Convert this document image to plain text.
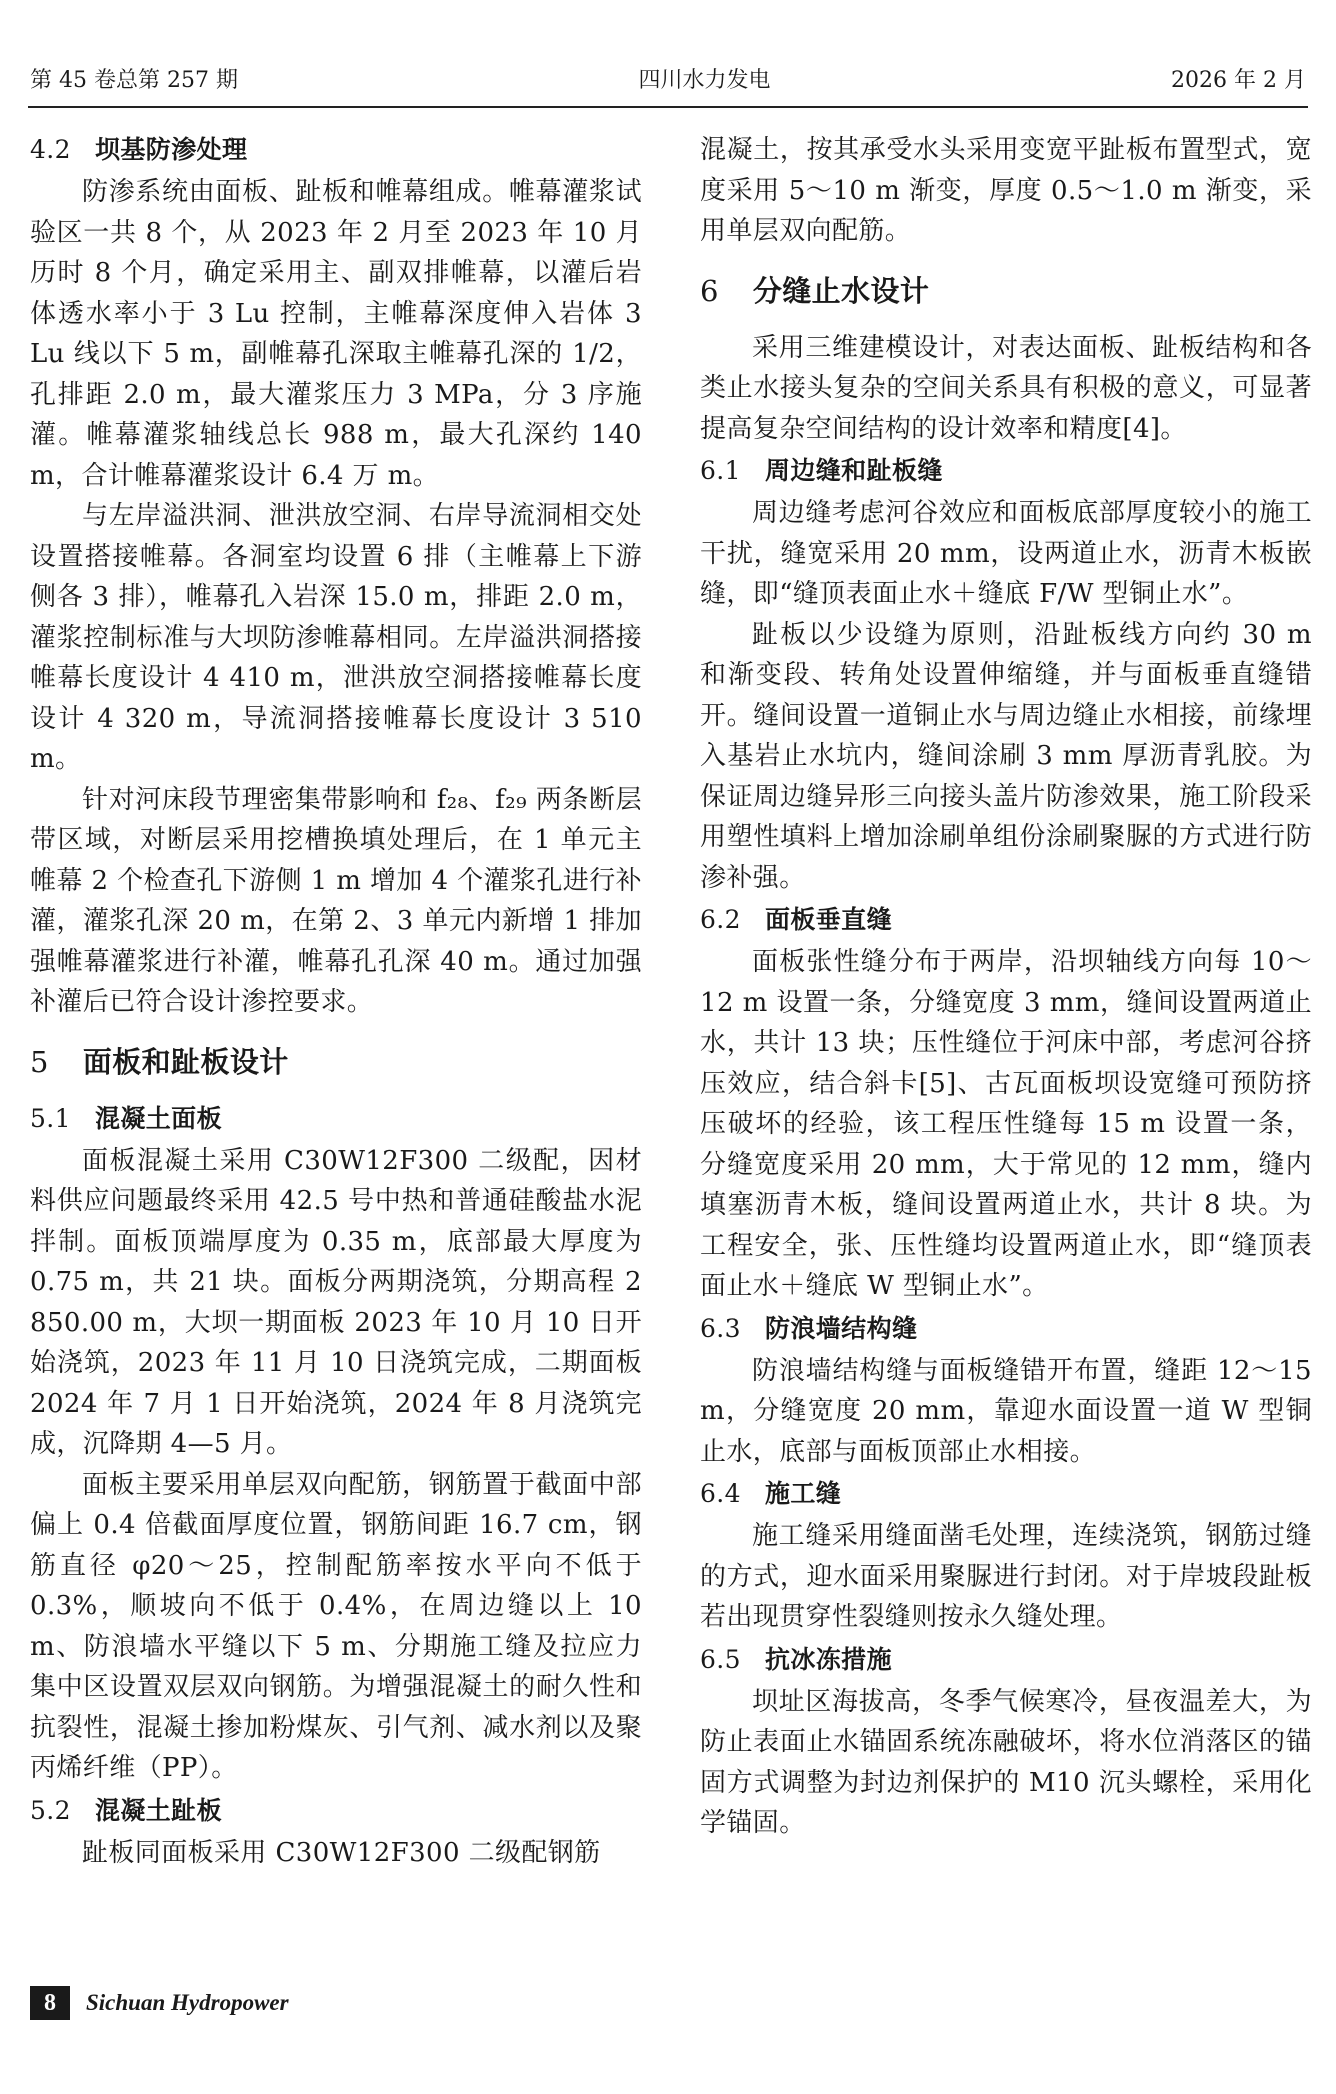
第 45 卷总第 257 期	四川水力发电	2026 年 2 月
4.2 坝基防渗处理

防渗系统由面板、趾板和帷幕组成。帷幕灌浆试验区一共 8 个，从 2023 年 2 月至 2023 年 10 月历时 8 个月，确定采用主、副双排帷幕，以灌后岩体透水率小于 3 Lu 控制，主帷幕深度伸入岩体 3 Lu 线以下 5 m，副帷幕孔深取主帷幕孔深的 1/2，孔排距 2.0 m，最大灌浆压力 3 MPa，分 3 序施灌。帷幕灌浆轴线总长 988 m，最大孔深约 140 m，合计帷幕灌浆设计 6.4 万 m。

与左岸溢洪洞、泄洪放空洞、右岸导流洞相交处设置搭接帷幕。各洞室均设置 6 排（主帷幕上下游侧各 3 排），帷幕孔入岩深 15.0 m，排距 2.0 m，灌浆控制标准与大坝防渗帷幕相同。左岸溢洪洞搭接帷幕长度设计 4 410 m，泄洪放空洞搭接帷幕长度设计 4 320 m，导流洞搭接帷幕长度设计 3 510 m。

针对河床段节理密集带影响和 f₂₈、f₂₉ 两条断层带区域，对断层采用挖槽换填处理后，在 1 单元主帷幕 2 个检查孔下游侧 1 m 增加 4 个灌浆孔进行补灌，灌浆孔深 20 m，在第 2、3 单元内新增 1 排加强帷幕灌浆进行补灌，帷幕孔孔深 40 m。通过加强补灌后已符合设计渗控要求。

5 面板和趾板设计
5.1 混凝土面板

面板混凝土采用 C30W12F300 二级配，因材料供应问题最终采用 42.5 号中热和普通硅酸盐水泥拌制。面板顶端厚度为 0.35 m，底部最大厚度为 0.75 m，共 21 块。面板分两期浇筑，分期高程 2 850.00 m，大坝一期面板 2023 年 10 月 10 日开始浇筑，2023 年 11 月 10 日浇筑完成，二期面板 2024 年 7 月 1 日开始浇筑，2024 年 8 月浇筑完成，沉降期 4—5 月。

面板主要采用单层双向配筋，钢筋置于截面中部偏上 0.4 倍截面厚度位置，钢筋间距 16.7 cm，钢筋直径 φ20～25，控制配筋率按水平向不低于 0.3%，顺坡向不低于 0.4%，在周边缝以上 10 m、防浪墙水平缝以下 5 m、分期施工缝及拉应力集中区设置双层双向钢筋。为增强混凝土的耐久性和抗裂性，混凝土掺加粉煤灰、引气剂、减水剂以及聚丙烯纤维（PP）。

5.2 混凝土趾板

趾板同面板采用 C30W12F300 二级配钢筋

混凝土，按其承受水头采用变宽平趾板布置型式，宽度采用 5～10 m 渐变，厚度 0.5～1.0 m 渐变，采用单层双向配筋。

6 分缝止水设计

采用三维建模设计，对表达面板、趾板结构和各类止水接头复杂的空间关系具有积极的意义，可显著提高复杂空间结构的设计效率和精度[4]。

6.1 周边缝和趾板缝

周边缝考虑河谷效应和面板底部厚度较小的施工干扰，缝宽采用 20 mm，设两道止水，沥青木板嵌缝，即“缝顶表面止水＋缝底 F/W 型铜止水”。

趾板以少设缝为原则，沿趾板线方向约 30 m 和渐变段、转角处设置伸缩缝，并与面板垂直缝错开。缝间设置一道铜止水与周边缝止水相接，前缘埋入基岩止水坑内，缝间涂刷 3 mm 厚沥青乳胶。为保证周边缝异形三向接头盖片防渗效果，施工阶段采用塑性填料上增加涂刷单组份涂刷聚脲的方式进行防渗补强。

6.2 面板垂直缝

面板张性缝分布于两岸，沿坝轴线方向每 10～12 m 设置一条，分缝宽度 3 mm，缝间设置两道止水，共计 13 块；压性缝位于河床中部，考虑河谷挤压效应，结合斜卡[5]、古瓦面板坝设宽缝可预防挤压破坏的经验，该工程压性缝每 15 m 设置一条，分缝宽度采用 20 mm，大于常见的 12 mm，缝内填塞沥青木板，缝间设置两道止水，共计 8 块。为工程安全，张、压性缝均设置两道止水，即“缝顶表面止水＋缝底 W 型铜止水”。

6.3 防浪墙结构缝

防浪墙结构缝与面板缝错开布置，缝距 12～15 m，分缝宽度 20 mm，靠迎水面设置一道 W 型铜止水，底部与面板顶部止水相接。

6.4 施工缝

施工缝采用缝面凿毛处理，连续浇筑，钢筋过缝的方式，迎水面采用聚脲进行封闭。对于岸坡段趾板若出现贯穿性裂缝则按永久缝处理。

6.5 抗冰冻措施

坝址区海拔高，冬季气候寒冷，昼夜温差大，为防止表面止水锚固系统冻融破坏，将水位消落区的锚固方式调整为封边剂保护的 M10 沉头螺栓，采用化学锚固。

8	Sichuan Hydropower
